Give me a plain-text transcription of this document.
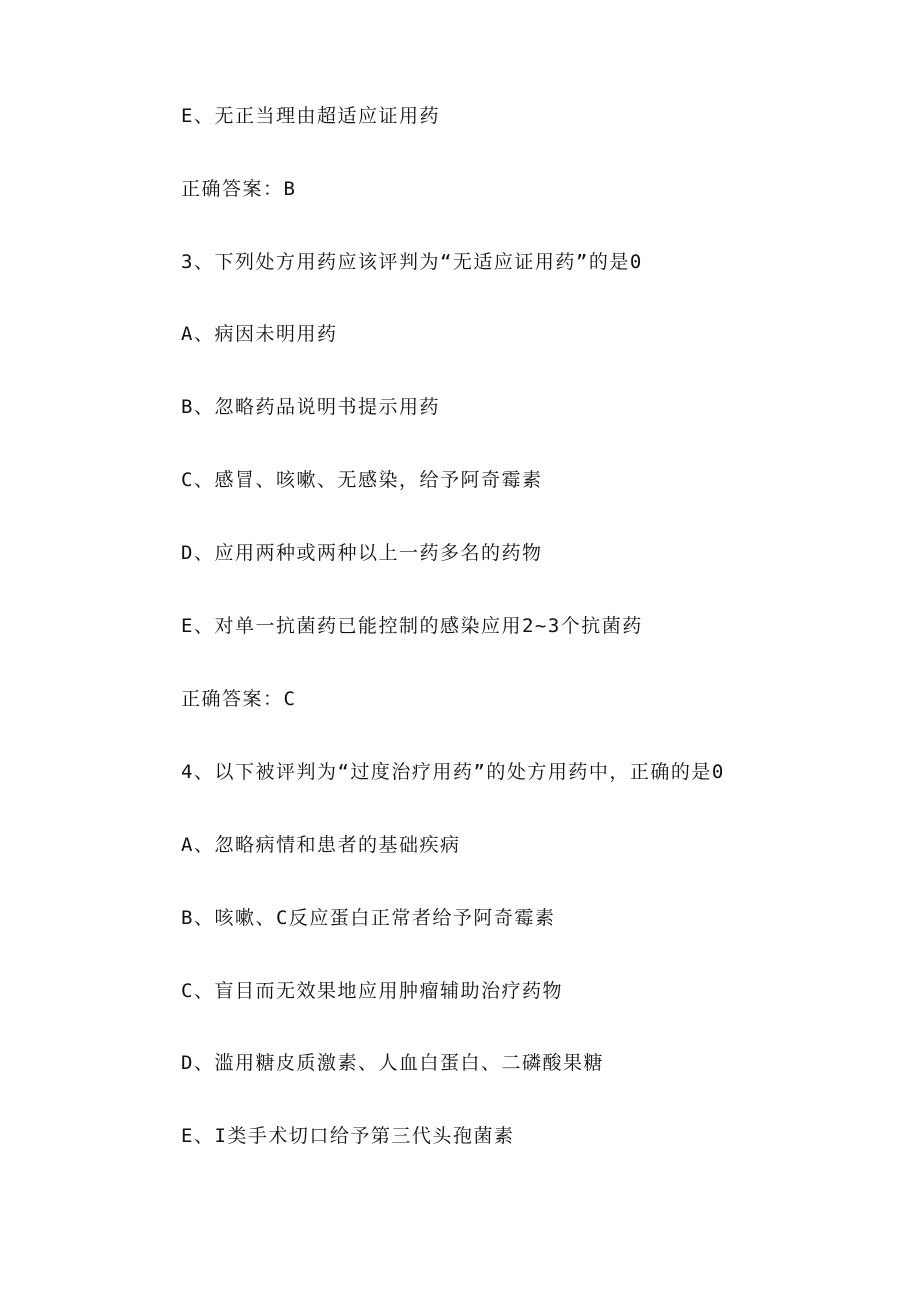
E、无正当理由超适应证用药

正确答案：B

3、下列处方用药应该评判为“无适应证用药”的是0

A、病因未明用药

B、忽略药品说明书提示用药

C、感冒、咳嗽、无感染，给予阿奇霉素

D、应用两种或两种以上一药多名的药物

E、对单一抗菌药已能控制的感染应用2~3个抗菌药

正确答案：C

4、以下被评判为“过度治疗用药”的处方用药中，正确的是0

A、忽略病情和患者的基础疾病

B、咳嗽、C反应蛋白正常者给予阿奇霉素

C、盲目而无效果地应用肿瘤辅助治疗药物

D、滥用糖皮质激素、人血白蛋白、二磷酸果糖

E、I类手术切口给予第三代头孢菌素
